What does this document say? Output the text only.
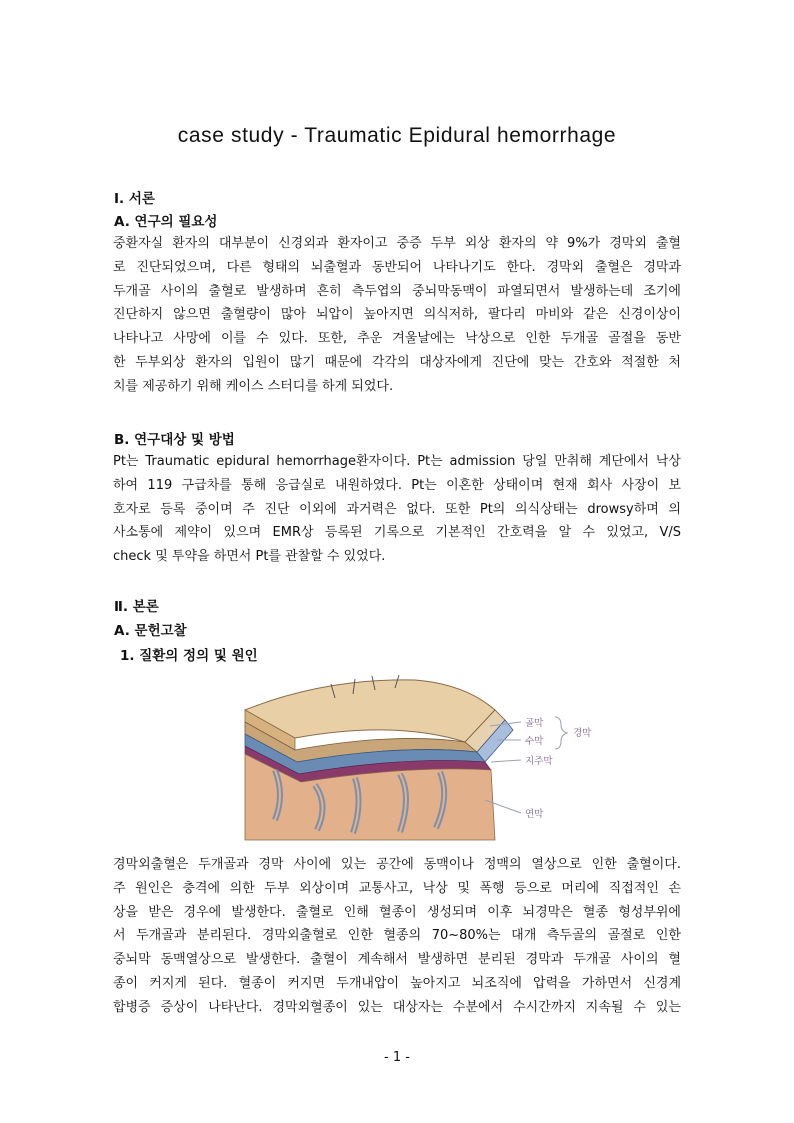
case study - Traumatic Epidural hemorrhage
Ⅰ. 서론
A. 연구의 필요성
중환자실 환자의 대부분이 신경외과 환자이고 중증 두부 외상 환자의 약 9%가 경막외 출혈
로 진단되었으며, 다른 형태의 뇌출혈과 동반되어 나타나기도 한다. 경막외 출혈은 경막과
두개골 사이의 출혈로 발생하며 흔히 측두엽의 중뇌막동맥이 파열되면서 발생하는데 조기에
진단하지 않으면 출혈량이 많아 뇌압이 높아지면 의식저하, 팔다리 마비와 같은 신경이상이
나타나고 사망에 이를 수 있다. 또한, 추운 겨울날에는 낙상으로 인한 두개골 골절을 동반
한 두부외상 환자의 입원이 많기 때문에 각각의 대상자에게 진단에 맞는 간호와 적절한 처
치를 제공하기 위해 케이스 스터디를 하게 되었다.
B. 연구대상 및 방법
Pt는 Traumatic epidural hemorrhage환자이다. Pt는 admission 당일 만취해 계단에서 낙상
하여 119 구급차를 통해 응급실로 내원하였다. Pt는 이혼한 상태이며 현재 회사 사장이 보
호자로 등록 중이며 주 진단 이외에 과거력은 없다. 또한 Pt의 의식상태는 drowsy하며 의
사소통에 제약이 있으며 EMR상 등록된 기록으로 기본적인 간호력을 알 수 있었고, V/S
check 및 투약을 하면서 Pt를 관찰할 수 있었다.
Ⅱ. 본론
A. 문헌고찰
1. 질환의 정의 및 원인
골막
수막
경막
지주막
연막
경막외출혈은 두개골과 경막 사이에 있는 공간에 동맥이나 정맥의 열상으로 인한 출혈이다.
주 원인은 충격에 의한 두부 외상이며 교통사고, 낙상 및 폭행 등으로 머리에 직접적인 손
상을 받은 경우에 발생한다. 출혈로 인해 혈종이 생성되며 이후 뇌경막은 혈종 형성부위에
서 두개골과 분리된다. 경막외출혈로 인한 혈종의 70~80%는 대개 측두골의 골절로 인한
중뇌막 동맥열상으로 발생한다. 출혈이 계속해서 발생하면 분리된 경막과 두개골 사이의 혈
종이 커지게 된다. 혈종이 커지면 두개내압이 높아지고 뇌조직에 압력을 가하면서 신경계
합병증 증상이 나타난다. 경막외혈종이 있는 대상자는 수분에서 수시간까지 지속될 수 있는
- 1 -
